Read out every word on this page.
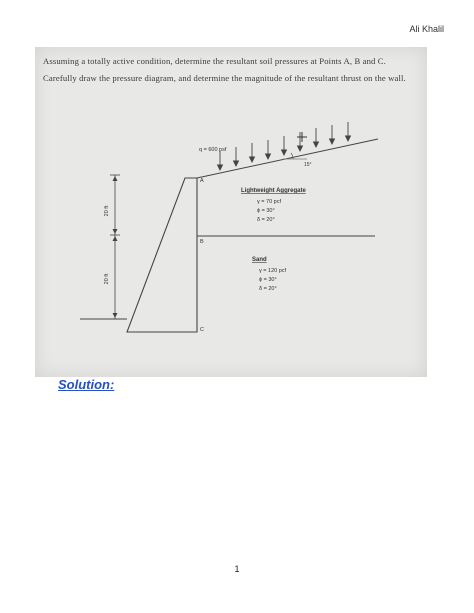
Ali Khalil
Assuming a totally active condition, determine the resultant soil pressures at Points A, B and C. Carefully draw the pressure diagram, and determine the magnitude of the resultant thrust on the wall.
20 ft
20 ft
q = 600 psf
15°
A
B
C
Lightweight Aggregate
γ = 70 pcf
ϕ = 30°
δ = 20°
Sand
γ = 120 pcf
ϕ = 30°
δ = 20°
Solution:
1
